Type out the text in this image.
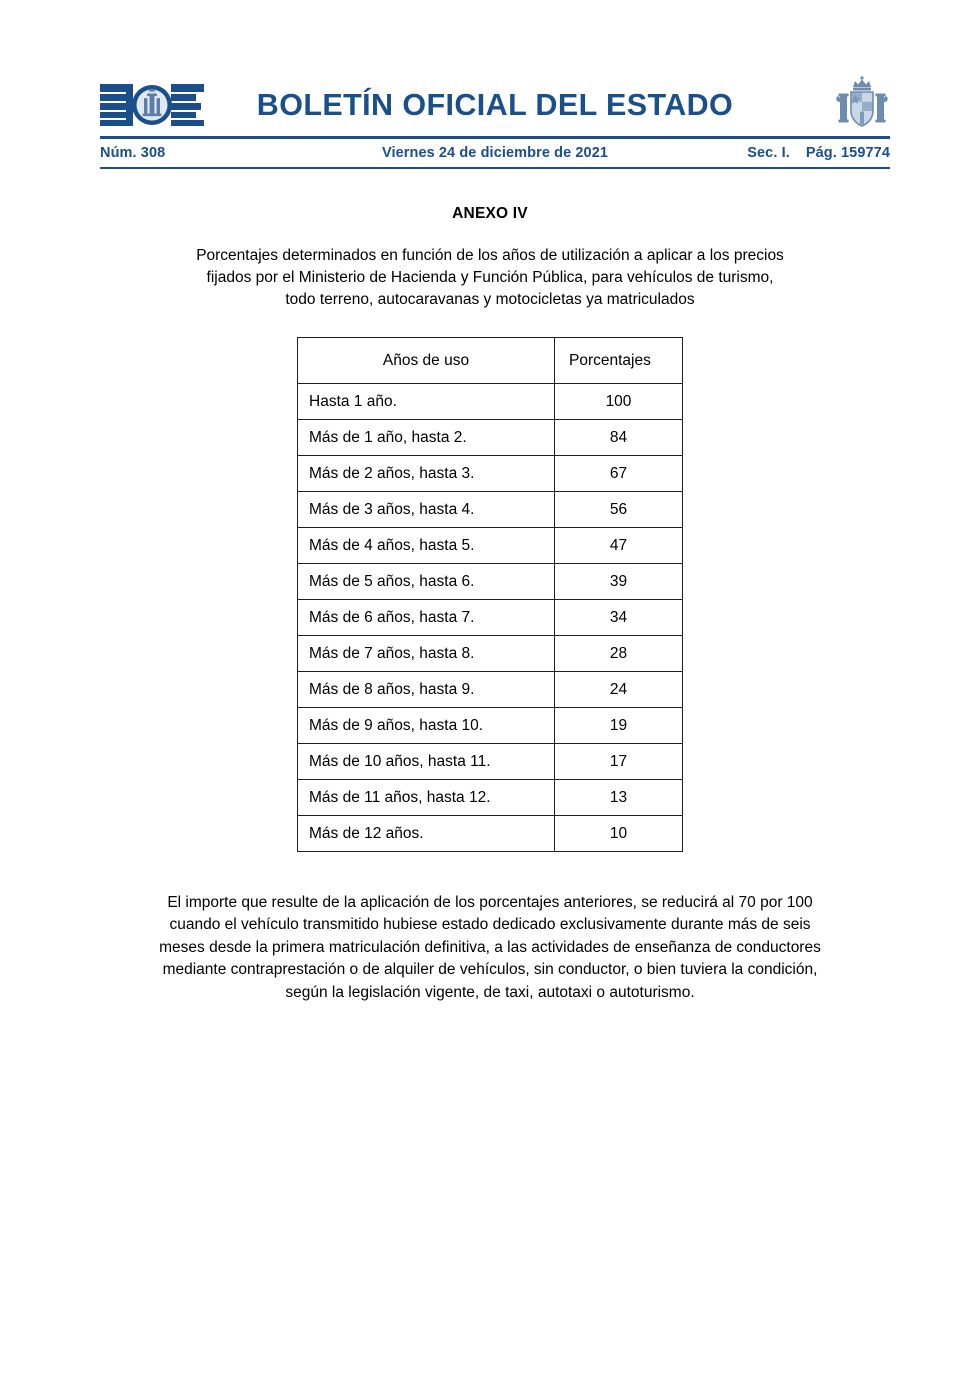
BOLETÍN OFICIAL DEL ESTADO
Núm. 308	Viernes 24 de diciembre de 2021	Sec. I. Pág. 159774
ANEXO IV

Porcentajes determinados en función de los años de utilización a aplicar a los precios fijados por el Ministerio de Hacienda y Función Pública, para vehículos de turismo, todo terreno, autocaravanas y motocicletas ya matriculados

Años de uso	Porcentajes
Hasta 1 año.	100
Más de 1 año, hasta 2.	84
Más de 2 años, hasta 3.	67
Más de 3 años, hasta 4.	56
Más de 4 años, hasta 5.	47
Más de 5 años, hasta 6.	39
Más de 6 años, hasta 7.	34
Más de 7 años, hasta 8.	28
Más de 8 años, hasta 9.	24
Más de 9 años, hasta 10.	19
Más de 10 años, hasta 11.	17
Más de 11 años, hasta 12.	13
Más de 12 años.	10

El importe que resulte de la aplicación de los porcentajes anteriores, se reducirá al 70 por 100 cuando el vehículo transmitido hubiese estado dedicado exclusivamente durante más de seis meses desde la primera matriculación definitiva, a las actividades de enseñanza de conductores mediante contraprestación o de alquiler de vehículos, sin conductor, o bien tuviera la condición, según la legislación vigente, de taxi, autotaxi o autoturismo.
